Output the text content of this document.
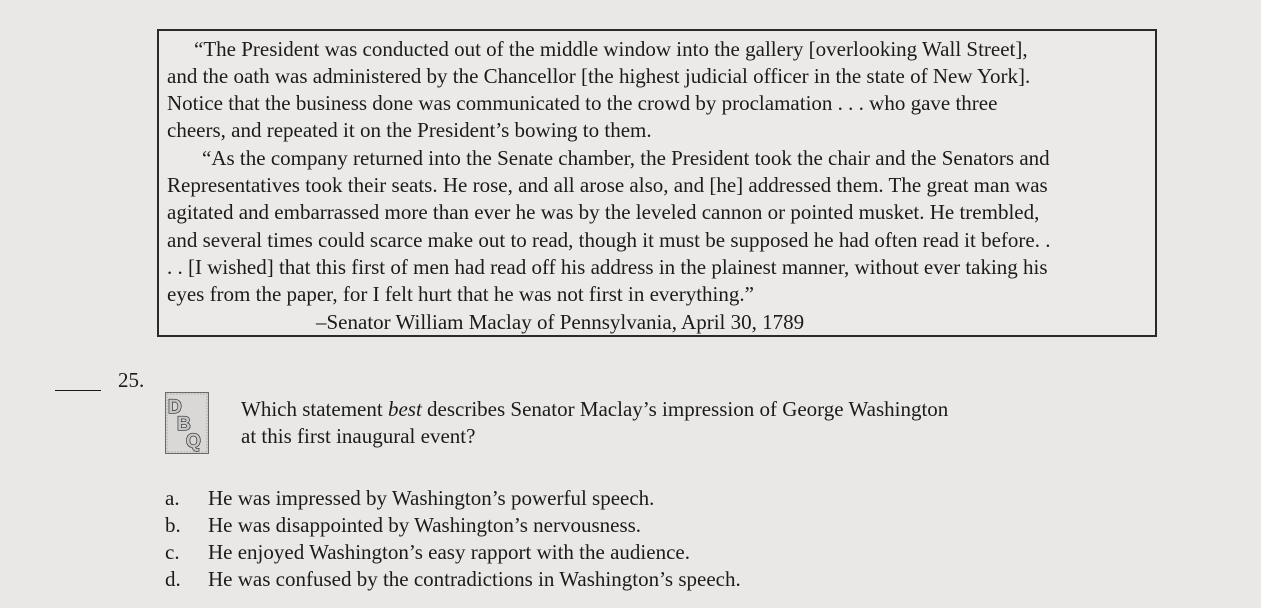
“The President was conducted out of the middle window into the gallery [overlooking Wall Street],
and the oath was administered by the Chancellor [the highest judicial officer in the state of New York].
Notice that the business done was communicated to the crowd by proclamation . . . who gave three
cheers, and repeated it on the President’s bowing to them.
“As the company returned into the Senate chamber, the President took the chair and the Senators and
Representatives took their seats. He rose, and all arose also, and [he] addressed them. The great man was
agitated and embarrassed more than ever he was by the leveled cannon or pointed musket. He trembled,
and several times could scarce make out to read, though it must be supposed he had often read it before. .
. . [I wished] that this first of men had read off his address in the plainest manner, without ever taking his
eyes from the paper, for I felt hurt that he was not first in everything.”
–Senator William Maclay of Pennsylvania, April 30, 1789
25.
D
B
Q
Which statement best describes Senator Maclay’s impression of George Washington
at this first inaugural event?
a. He was impressed by Washington’s powerful speech.
b. He was disappointed by Washington’s nervousness.
c. He enjoyed Washington’s easy rapport with the audience.
d. He was confused by the contradictions in Washington’s speech.
